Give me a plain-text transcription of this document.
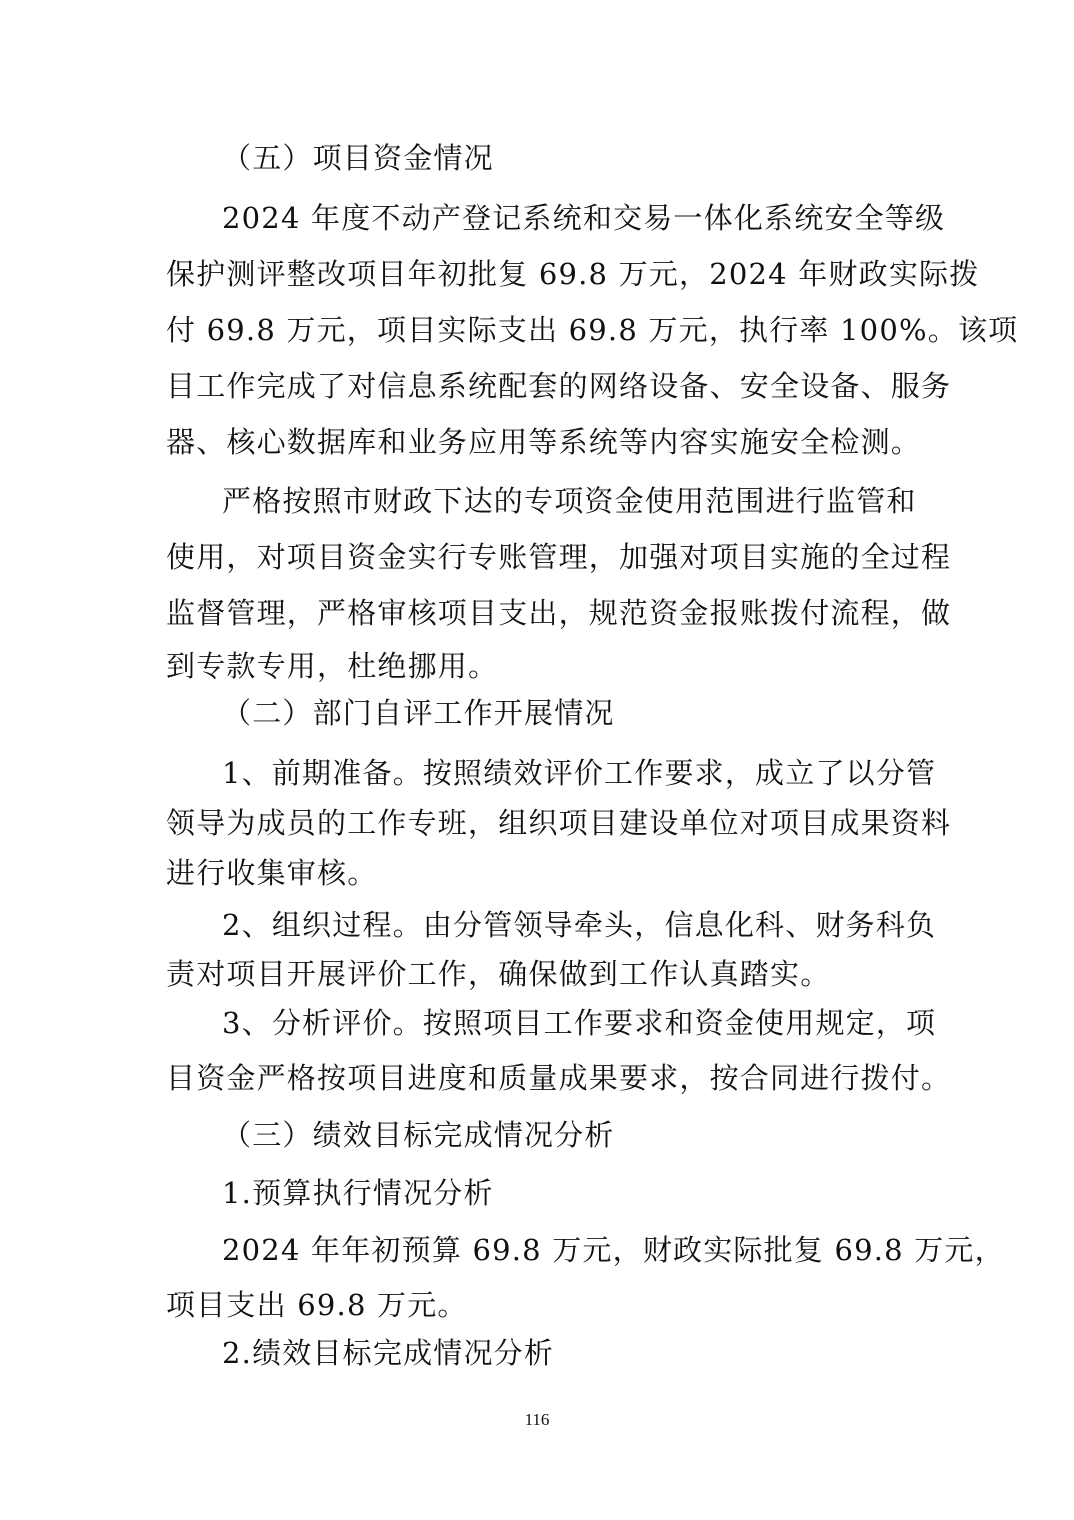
（五）项目资金情况
2024 年度不动产登记系统和交易一体化系统安全等级
保护测评整改项目年初批复 69.8 万元，2024 年财政实际拨
付 69.8 万元，项目实际支出 69.8 万元，执行率 100%。该项
目工作完成了对信息系统配套的网络设备、安全设备、服务
器、核心数据库和业务应用等系统等内容实施安全检测。
严格按照市财政下达的专项资金使用范围进行监管和
使用，对项目资金实行专账管理，加强对项目实施的全过程
监督管理，严格审核项目支出，规范资金报账拨付流程，做
到专款专用，杜绝挪用。
（二）部门自评工作开展情况
1、前期准备。按照绩效评价工作要求，成立了以分管
领导为成员的工作专班，组织项目建设单位对项目成果资料
进行收集审核。
2、组织过程。由分管领导牵头，信息化科、财务科负
责对项目开展评价工作，确保做到工作认真踏实。
3、分析评价。按照项目工作要求和资金使用规定，项
目资金严格按项目进度和质量成果要求，按合同进行拨付。
（三）绩效目标完成情况分析
1.预算执行情况分析
2024 年年初预算 69.8 万元，财政实际批复 69.8 万元，
项目支出 69.8 万元。
2.绩效目标完成情况分析
116
